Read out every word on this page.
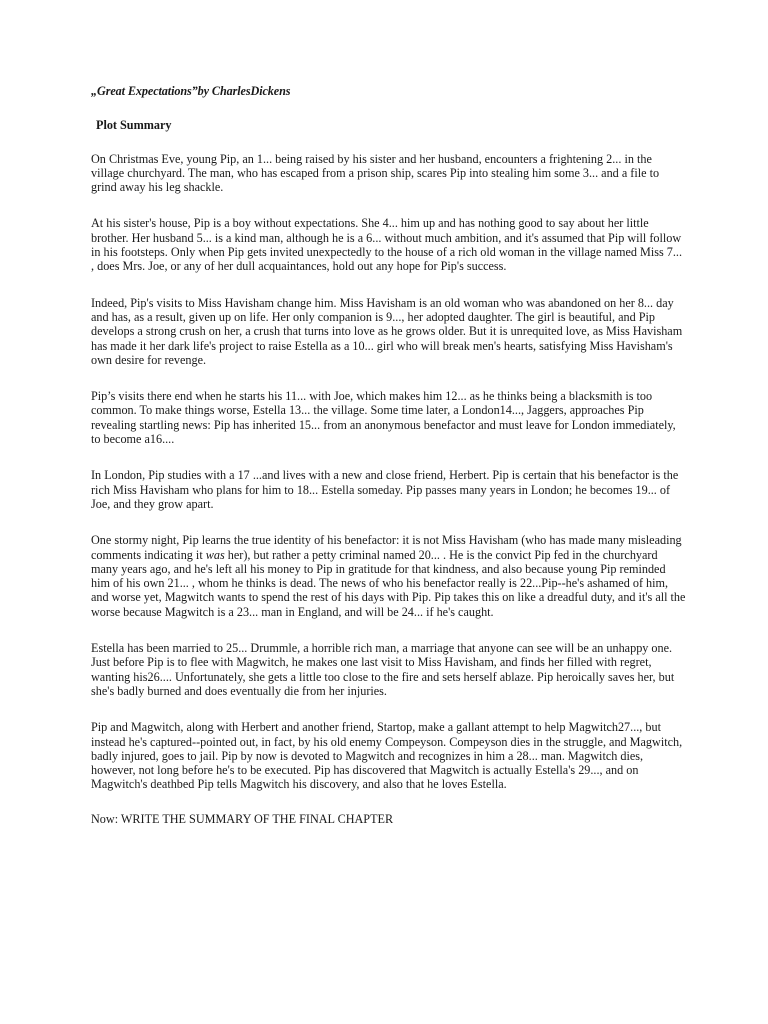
„Great Expectations”by CharlesDickens

Plot Summary

On Christmas Eve, young Pip, an 1... being raised by his sister and her husband, encounters a frightening 2... in the village churchyard. The man, who has escaped from a prison ship, scares Pip into stealing him some 3... and a file to grind away his leg shackle.

At his sister's house, Pip is a boy without expectations. She 4... him up and has nothing good to say about her little brother. Her husband 5... is a kind man, although he is a 6... without much ambition, and it's assumed that Pip will follow in his footsteps. Only when Pip gets invited unexpectedly to the house of a rich old woman in the village named Miss 7... , does Mrs. Joe, or any of her dull acquaintances, hold out any hope for Pip's success.

Indeed, Pip's visits to Miss Havisham change him. Miss Havisham is an old woman who was abandoned on her 8... day and has, as a result, given up on life. Her only companion is 9..., her adopted daughter. The girl is beautiful, and Pip develops a strong crush on her, a crush that turns into love as he grows older. But it is unrequited love, as Miss Havisham has made it her dark life's project to raise Estella as a 10... girl who will break men's hearts, satisfying Miss Havisham's own desire for revenge.

Pip’s visits there end when he starts his 11... with Joe, which makes him 12... as he thinks being a blacksmith is too common. To make things worse, Estella 13... the village. Some time later, a London14..., Jaggers, approaches Pip revealing startling news: Pip has inherited 15... from an anonymous benefactor and must leave for London immediately, to become a16....

In London, Pip studies with a 17 ...and lives with a new and close friend, Herbert. Pip is certain that his benefactor is the rich Miss Havisham who plans for him to 18... Estella someday. Pip passes many years in London; he becomes 19... of Joe, and they grow apart.

One stormy night, Pip learns the true identity of his benefactor: it is not Miss Havisham (who has made many misleading comments indicating it was her), but rather a petty criminal named 20... . He is the convict Pip fed in the churchyard many years ago, and he's left all his money to Pip in gratitude for that kindness, and also because young Pip reminded him of his own 21... , whom he thinks is dead. The news of who his benefactor really is 22...Pip--he's ashamed of him, and worse yet, Magwitch wants to spend the rest of his days with Pip. Pip takes this on like a dreadful duty, and it's all the worse because Magwitch is a 23... man in England, and will be 24... if he's caught.

Estella has been married to 25... Drummle, a horrible rich man, a marriage that anyone can see will be an unhappy one. Just before Pip is to flee with Magwitch, he makes one last visit to Miss Havisham, and finds her filled with regret, wanting his26.... Unfortunately, she gets a little too close to the fire and sets herself ablaze. Pip heroically saves her, but she's badly burned and does eventually die from her injuries.

Pip and Magwitch, along with Herbert and another friend, Startop, make a gallant attempt to help Magwitch27..., but instead he's captured--pointed out, in fact, by his old enemy Compeyson. Compeyson dies in the struggle, and Magwitch, badly injured, goes to jail. Pip by now is devoted to Magwitch and recognizes in him a 28... man. Magwitch dies, however, not long before he's to be executed. Pip has discovered that Magwitch is actually Estella's 29..., and on Magwitch's deathbed Pip tells Magwitch his discovery, and also that he loves Estella.

Now: WRITE THE SUMMARY OF THE FINAL CHAPTER
